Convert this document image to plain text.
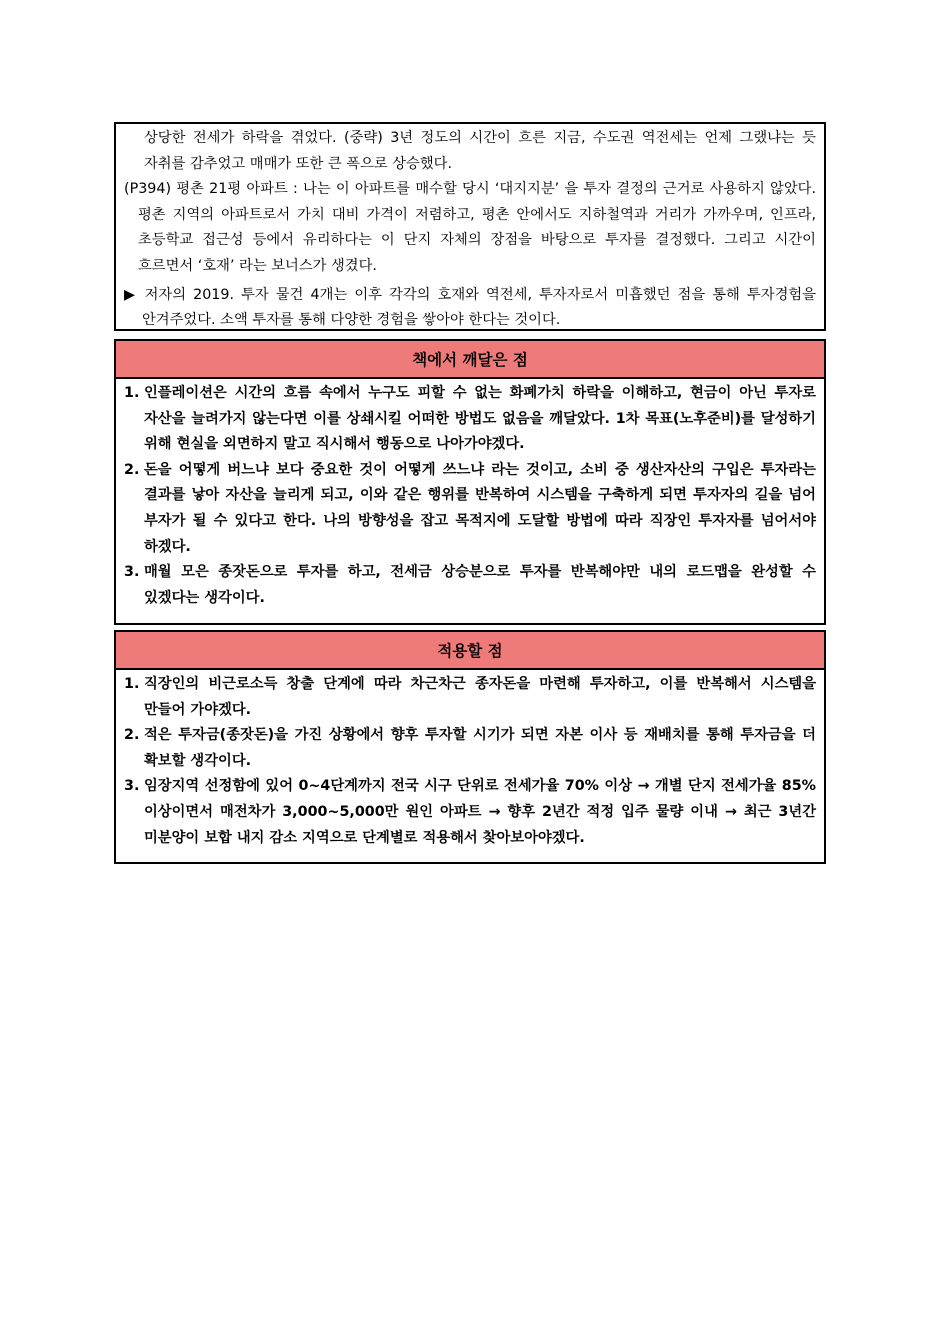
상당한 전세가 하락을 겪었다. (중략) 3년 정도의 시간이 흐른 지금, 수도권 역전세는 언제 그랬냐는 듯 자취를 감추었고 매매가 또한 큰 폭으로 상승했다.

(P394) 평촌 21평 아파트 : 나는 이 아파트를 매수할 당시 ‘대지지분’ 을 투자 결정의 근거로 사용하지 않았다. 평촌 지역의 아파트로서 가치 대비 가격이 저렴하고, 평촌 안에서도 지하철역과 거리가 가까우며, 인프라, 초등학교 접근성 등에서 유리하다는 이 단지 자체의 장점을 바탕으로 투자를 결정했다. 그리고 시간이 흐르면서 ‘호재’ 라는 보너스가 생겼다.

▶ 저자의 2019. 투자 물건 4개는 이후 각각의 호재와 역전세, 투자자로서 미흡했던 점을 통해 투자경험을 안겨주었다. 소액 투자를 통해 다양한 경험을 쌓아야 한다는 것이다.

책에서 깨달은 점
1. 인플레이션은 시간의 흐름 속에서 누구도 피할 수 없는 화폐가치 하락을 이해하고, 현금이 아닌 투자로 자산을 늘려가지 않는다면 이를 상쇄시킬 어떠한 방법도 없음을 깨달았다. 1차 목표(노후준비)를 달성하기 위해 현실을 외면하지 말고 직시해서 행동으로 나아가야겠다.
2. 돈을 어떻게 버느냐 보다 중요한 것이 어떻게 쓰느냐 라는 것이고, 소비 중 생산자산의 구입은 투자라는 결과를 낳아 자산을 늘리게 되고, 이와 같은 행위를 반복하여 시스템을 구축하게 되면 투자자의 길을 넘어 부자가 될 수 있다고 한다. 나의 방향성을 잡고 목적지에 도달할 방법에 따라 직장인 투자자를 넘어서야 하겠다.
3. 매월 모은 종잣돈으로 투자를 하고, 전세금 상승분으로 투자를 반복해야만 내의 로드맵을 완성할 수 있겠다는 생각이다.
적용할 점
1. 직장인의 비근로소득 창출 단계에 따라 차근차근 종자돈을 마련해 투자하고, 이를 반복해서 시스템을 만들어 가야겠다.
2. 적은 투자금(종잣돈)을 가진 상황에서 향후 투자할 시기가 되면 자본 이사 등 재배치를 통해 투자금을 더 확보할 생각이다.
3. 임장지역 선정함에 있어 0~4단계까지 전국 시구 단위로 전세가율 70% 이상 → 개별 단지 전세가율 85% 이상이면서 매전차가 3,000~5,000만 원인 아파트 → 향후 2년간 적정 입주 물량 이내 → 최근 3년간 미분양이 보합 내지 감소 지역으로 단계별로 적용해서 찾아보아야겠다.
